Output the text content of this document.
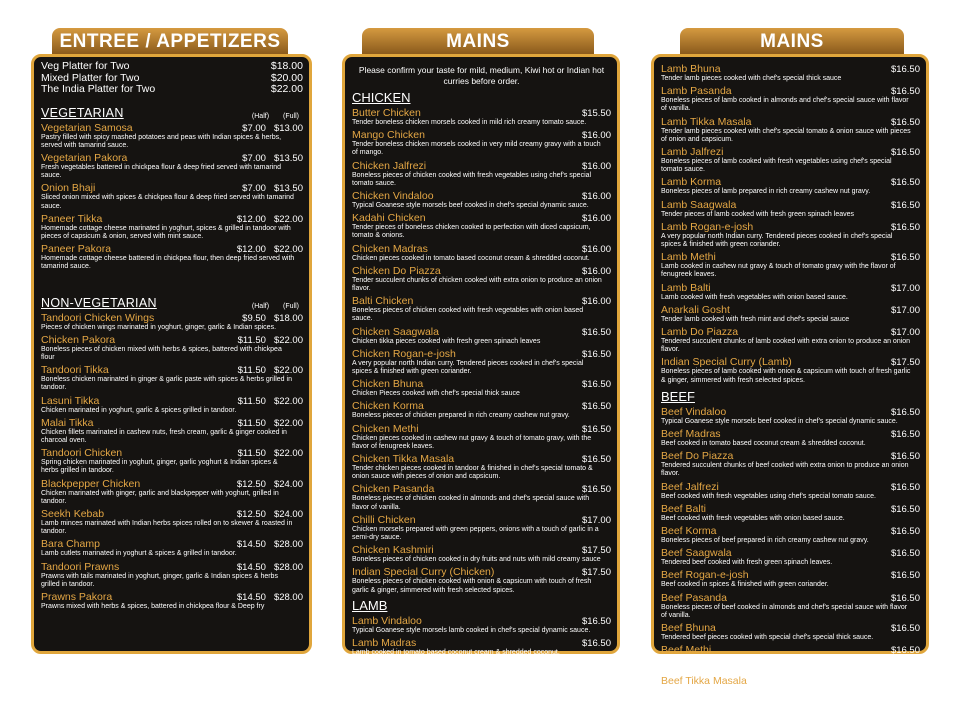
ENTREE / APPETIZERS	MAINS	MAINS
Veg Platter for Two	$18.00
Mixed Platter for Two	$20.00
The India Platter for Two	$22.00
VEGETARIAN	(Half) (Full)
Vegetarian Samosa	$7.00 $13.00
Pastry filled with spicy mashed potatoes and peas with Indian spices & herbs, served with tamarind sauce.
Vegetarian Pakora	$7.00 $13.50
Fresh vegetables battered in chickpea flour & deep fried served with tamarind sauce.
Onion Bhaji	$7.00 $13.50
Sliced onion mixed with spices & chickpea flour & deep fried served with tamarind sauce.
Paneer Tikka	$12.00 $22.00
Homemade cottage cheese marinated in yoghurt, spices & grilled in tandoor with pieces of capsicum & onion, served with mint sauce.
Paneer Pakora	$12.00 $22.00
Homemade cottage cheese battered in chickpea flour, then deep fried served with tamarind sauce.
NON-VEGETARIAN	(Half) (Full)
Tandoori Chicken Wings	$9.50 $18.00
Pieces of chicken wings marinated in yoghurt, ginger, garlic & Indian spices.
Chicken Pakora	$11.50 $22.00
Boneless pieces of chicken mixed with herbs & spices, battered with chickpea flour
Tandoori Tikka	$11.50 $22.00
Boneless chicken marinated in ginger & garlic paste with spices & herbs grilled in tandoor.
Lasuni Tikka	$11.50 $22.00
Chicken marinated in yoghurt, garlic & spices grilled in tandoor.
Malai Tikka	$11.50 $22.00
Chicken fillets marinated in cashew nuts, fresh cream, garlic & ginger cooked in charcoal oven.
Tandoori Chicken	$11.50 $22.00
Spring chicken marinated in yoghurt, ginger, garlic yoghurt & Indian spices & herbs grilled in tandoor.
Blackpepper Chicken	$12.50 $24.00
Chicken marinated with ginger, garlic and blackpepper with yoghurt, grilled in tandoor.
Seekh Kebab	$12.50 $24.00
Lamb minces marinated with Indian herbs spices rolled on to skewer & roasted in tandoor.
Bara Champ	$14.50 $28.00
Lamb cutlets marinated in yoghurt & spices & grilled in tandoor.
Tandoori Prawns	$14.50 $28.00
Prawns with tails marinated in yoghurt, ginger, garlic & Indian spices & herbs grilled in tandoor.
Prawns Pakora	$14.50 $28.00
Prawns mixed with herbs & spices, battered in chickpea flour & Deep fry
Please confirm your taste for mild, medium, Kiwi hot or Indian hot curries before order.
CHICKEN
Butter Chicken	$15.50
Tender boneless chicken morsels cooked in mild rich creamy tomato sauce.
Mango Chicken	$16.00
Tender boneless chicken morsels cooked in very mild creamy gravy with a touch of mango.
Chicken Jalfrezi	$16.00
Boneless pieces of chicken cooked with fresh vegetables using chef's special tomato sauce.
Chicken Vindaloo	$16.00
Typical Goanese style morsels beef cooked in chef's special dynamic sauce.
Kadahi Chicken	$16.00
Tender pieces of boneless chicken cooked to perfection with diced capsicum, tomato & onions.
Chicken Madras	$16.00
Chicken pieces cooked in tomato based coconut cream & shredded coconut.
Chicken Do Piazza	$16.00
Tender succulent chunks of chicken cooked with extra onion to produce an onion flavor.
Balti Chicken	$16.00
Boneless pieces of chicken cooked with fresh vegetables with onion based sauce.
Chicken Saagwala	$16.50
Chicken tikka pieces cooked with fresh green spinach leaves
Chicken Rogan-e-josh	$16.50
A very popular north Indian curry. Tendered pieces cooked in chef's special spices & finished with green coriander.
Chicken Bhuna	$16.50
Chicken Pieces cooked with chef's special thick sauce
Chicken Korma	$16.50
Boneless pieces of chicken prepared in rich creamy cashew nut gravy.
Chicken Methi	$16.50
Chicken pieces cooked in cashew nut gravy & touch of tomato gravy, with the flavor of fenugreek leaves.
Chicken Tikka Masala	$16.50
Tender chicken pieces cooked in tandoor & finished in chef's special tomato & onion sauce with pieces of onion and capsicum.
Chicken Pasanda	$16.50
Boneless pieces of chicken cooked in almonds and chef's special sauce with flavor of vanilla.
Chilli Chicken	$17.00
Chicken morsels prepared with green peppers, onions with a touch of garlic in a semi-dry sauce.
Chicken Kashmiri	$17.50
Boneless pieces of chicken cooked in dry fruits and nuts with mild creamy sauce
Indian Special Curry (Chicken)	$17.50
Boneless pieces of chicken cooked with onion & capsicum with touch of fresh garlic & ginger, simmered with fresh selected spices.
LAMB
Lamb Vindaloo	$16.50
Typical Goanese style morsels lamb cooked in chef's special dynamic sauce.
Lamb Madras	$16.50
Lamb cooked in tomato based coconut cream & shredded coconut.
Lamb Bhuna	$16.50
Tender lamb pieces cooked with chef's special thick sauce
Lamb Pasanda	$16.50
Boneless pieces of lamb cooked in almonds and chef's special sauce with flavor of vanilla.
Lamb Tikka Masala	$16.50
Tender lamb pieces cooked with chef's special tomato & onion sauce with pieces of onion and capsicum.
Lamb Jalfrezi	$16.50
Boneless pieces of lamb cooked with fresh vegetables using chef's special tomato sauce.
Lamb Korma	$16.50
Boneless pieces of lamb prepared in rich creamy cashew nut gravy.
Lamb Saagwala	$16.50
Tender pieces of lamb cooked with fresh green spinach leaves
Lamb Rogan-e-josh	$16.50
A very popular north Indian curry. Tendered pieces cooked in chef's special spices & finished with green coriander.
Lamb Methi	$16.50
Lamb cooked in cashew nut gravy & touch of tomato gravy with the flavor of fenugreek leaves.
Lamb Balti	$17.00
Lamb cooked with fresh vegetables with onion based sauce.
Anarkali Gosht	$17.00
Tender lamb cooked with fresh mint and chef's special sauce
Lamb Do Piazza	$17.00
Tendered succulent chunks of lamb cooked with extra onion to produce an onion flavor.
Indian Special Curry (Lamb)	$17.50
Boneless pieces of lamb cooked with onion & capsicum with touch of fresh garlic & ginger, simmered with fresh selected spices.
BEEF
Beef Vindaloo	$16.50
Typical Goanese style morsels beef cooked in chef's special dynamic sauce.
Beef Madras	$16.50
Beef cooked in tomato based coconut cream & shredded coconut.
Beef Do Piazza	$16.50
Tendered succulent chunks of beef cooked with extra onion to produce an onion flavor.
Beef Jalfrezi	$16.50
Beef cooked with fresh vegetables using chef's special tomato sauce.
Beef Balti	$16.50
Beef cooked with fresh vegetables with onion based sauce.
Beef Korma	$16.50
Boneless pieces of beef prepared in rich creamy cashew nut gravy.
Beef Saagwala	$16.50
Tendered beef cooked with fresh green spinach leaves.
Beef Rogan-e-josh	$16.50
Beef cooked in spices & finished with green coriander.
Beef Pasanda	$16.50
Boneless pieces of beef cooked in almonds and chef's special sauce with flavor of vanilla.
Beef Bhuna	$16.50
Tendered beef pieces cooked with special chef's special thick sauce.
Beef Methi	$16.50
Beef cooked in cashew nut gravy & touch of tomato gravy with the flavor of fenugreek leaves.
Beef Tikka Masala	$16.50
Beef cooked in chef's special tomato & onion sauce with pieces of onion and capsicum.
